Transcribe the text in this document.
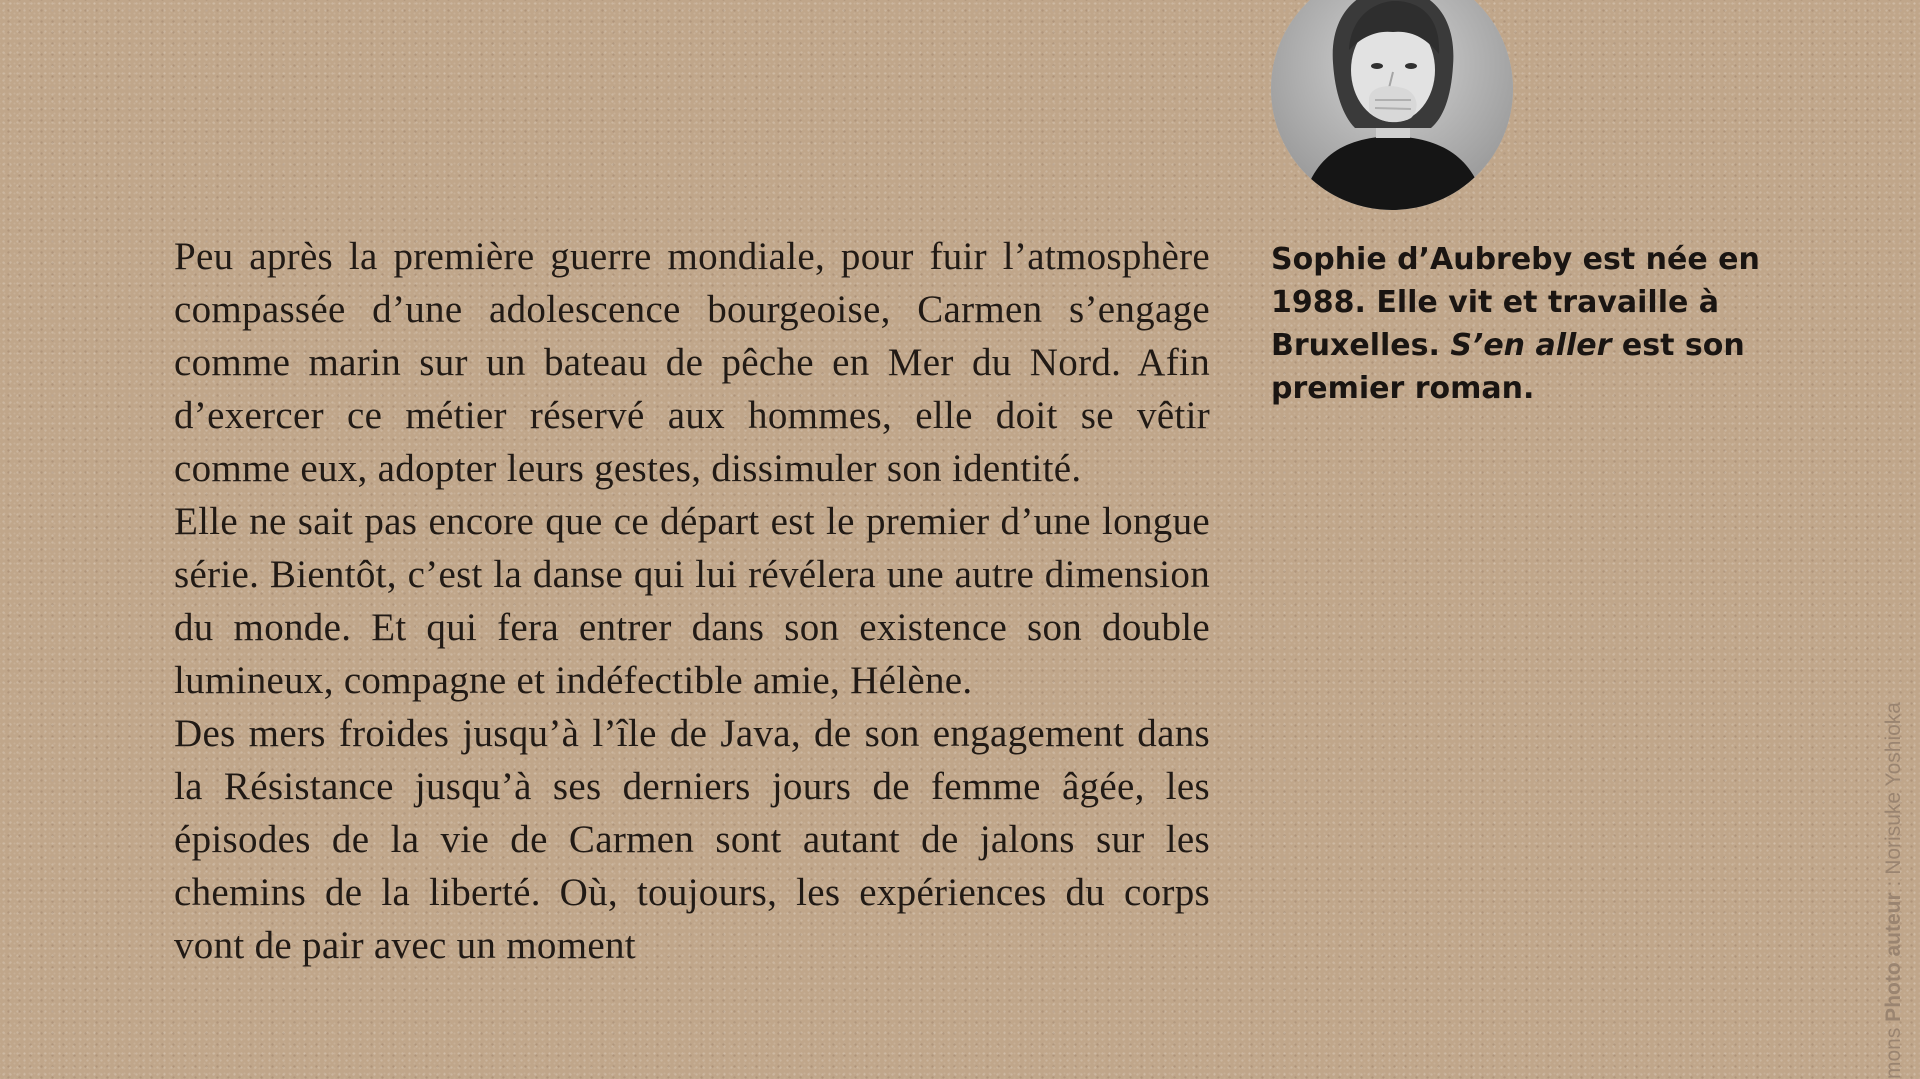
Peu après la première guerre mondiale, pour fuir l’atmosphère compassée d’une adolescence bourgeoise, Carmen s’engage comme marin sur un bateau de pêche en Mer du Nord. Afin d’exercer ce métier réservé aux hommes, elle doit se vêtir comme eux, adopter leurs gestes, dissimuler son identité.

Elle ne sait pas encore que ce départ est le premier d’une longue série. Bientôt, c’est la danse qui lui révélera une autre dimension du monde. Et qui fera entrer dans son existence son double lumineux, compagne et indéfectible amie, Hélène.

Des mers froides jusqu’à l’île de Java, de son engagement dans la Résistance jusqu’à ses derniers jours de femme âgée, les épisodes de la vie de Carmen sont autant de jalons sur les chemins de la liberté. Où, toujours, les expériences du corps vont de pair avec un moment

Sophie d’Aubreby est née en 1988. Elle vit et travaille à Bruxelles. S’en aller est son premier roman.
mons Photo auteur : Norisuke Yoshioka
